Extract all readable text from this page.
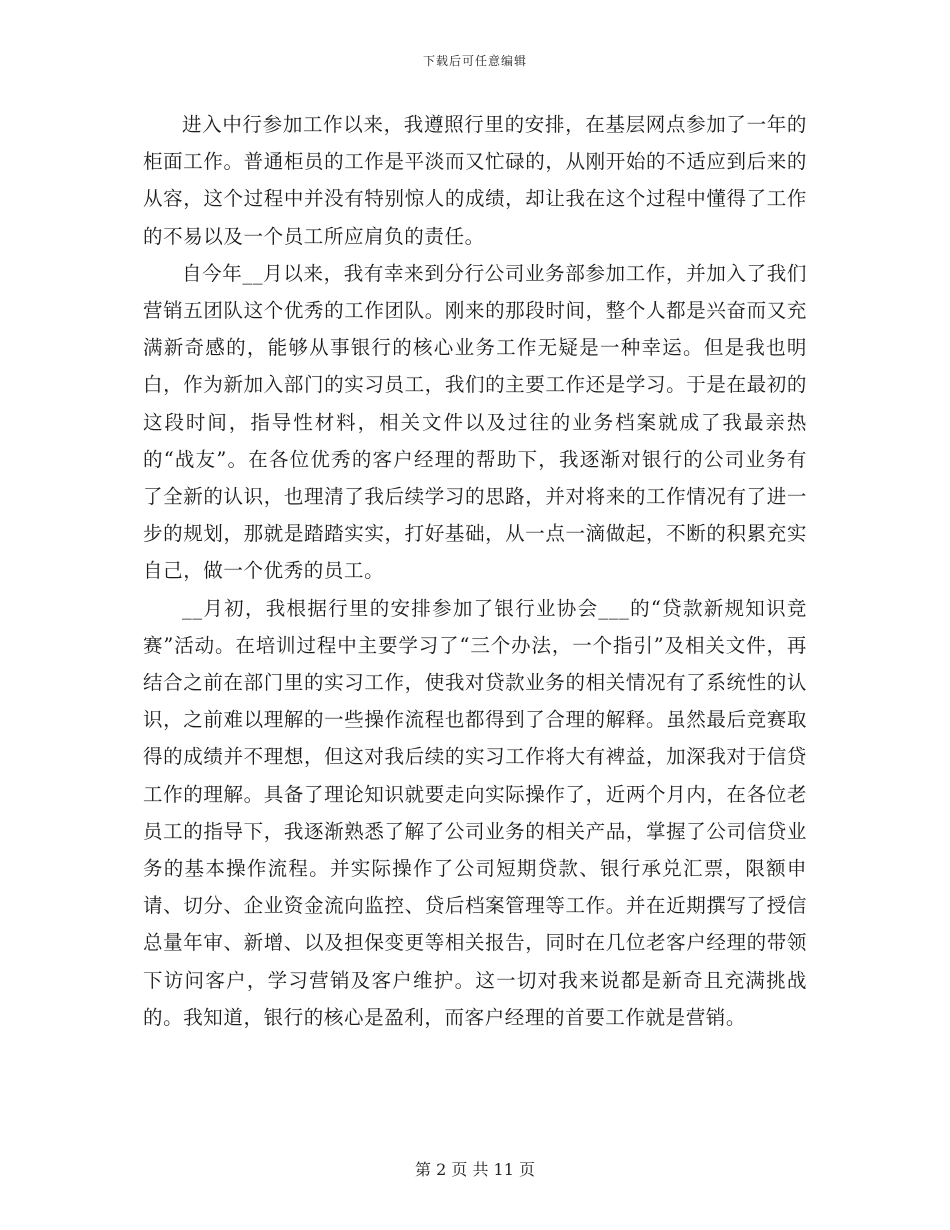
下载后可任意编辑

进入中行参加工作以来，我遵照行里的安排，在基层网点参加了一年的柜面工作。普通柜员的工作是平淡而又忙碌的，从刚开始的不适应到后来的从容，这个过程中并没有特别惊人的成绩，却让我在这个过程中懂得了工作的不易以及一个员工所应肩负的责任。

自今年__月以来，我有幸来到分行公司业务部参加工作，并加入了我们营销五团队这个优秀的工作团队。刚来的那段时间，整个人都是兴奋而又充满新奇感的，能够从事银行的核心业务工作无疑是一种幸运。但是我也明白，作为新加入部门的实习员工，我们的主要工作还是学习。于是在最初的这段时间，指导性材料，相关文件以及过往的业务档案就成了我最亲热的“战友”。在各位优秀的客户经理的帮助下，我逐渐对银行的公司业务有了全新的认识，也理清了我后续学习的思路，并对将来的工作情况有了进一步的规划，那就是踏踏实实，打好基础，从一点一滴做起，不断的积累充实自己，做一个优秀的员工。

__月初，我根据行里的安排参加了银行业协会___的“贷款新规知识竞赛”活动。在培训过程中主要学习了“三个办法，一个指引”及相关文件，再结合之前在部门里的实习工作，使我对贷款业务的相关情况有了系统性的认识，之前难以理解的一些操作流程也都得到了合理的解释。虽然最后竞赛取得的成绩并不理想，但这对我后续的实习工作将大有裨益，加深我对于信贷工作的理解。具备了理论知识就要走向实际操作了，近两个月内，在各位老员工的指导下，我逐渐熟悉了解了公司业务的相关产品，掌握了公司信贷业务的基本操作流程。并实际操作了公司短期贷款、银行承兑汇票，限额申请、切分、企业资金流向监控、贷后档案管理等工作。并在近期撰写了授信总量年审、新增、以及担保变更等相关报告，同时在几位老客户经理的带领下访问客户，学习营销及客户维护。这一切对我来说都是新奇且充满挑战的。我知道，银行的核心是盈利，而客户经理的首要工作就是营销。

第 2 页 共 11 页
